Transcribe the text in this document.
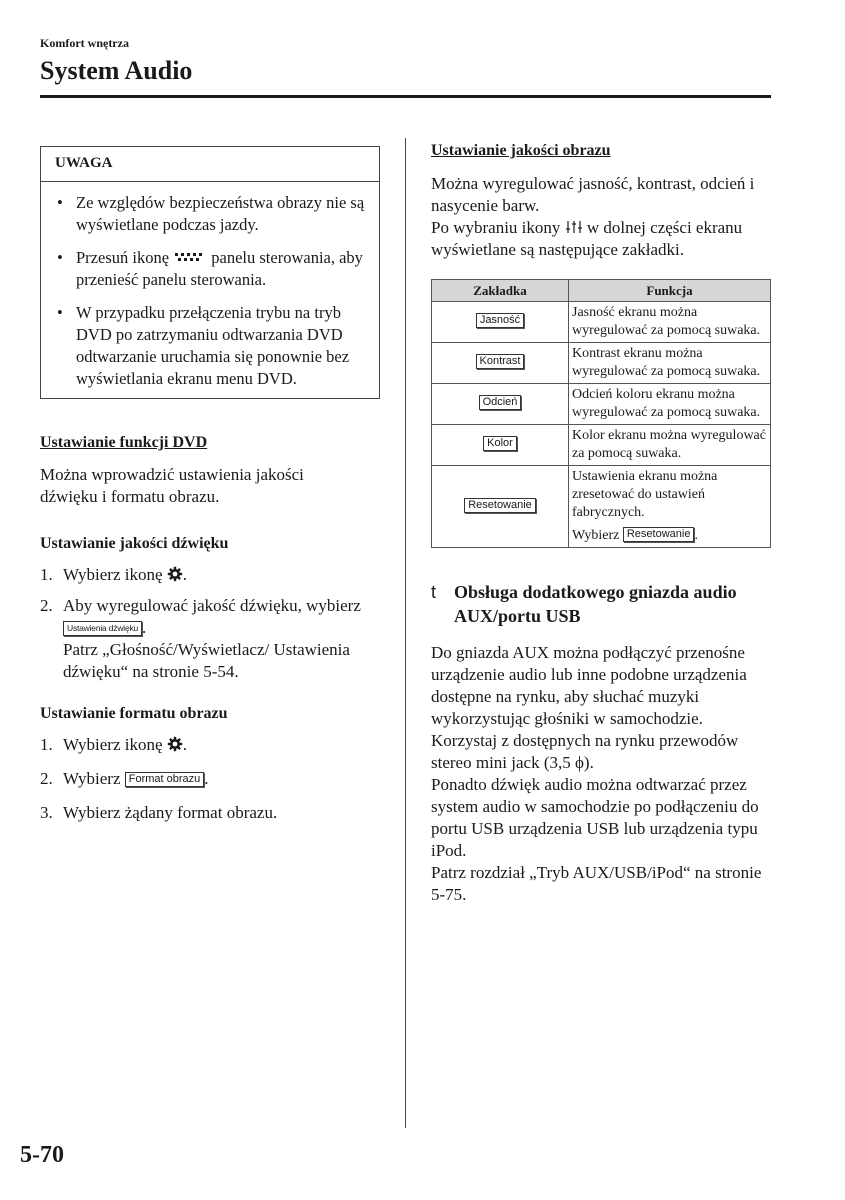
Komfort wnętrza
System Audio
UWAGA
• Ze względów bezpieczeństwa obrazy nie są wyświetlane podczas jazdy.
• Przesuń ikonę	panelu sterowania, aby przenieść panelu sterowania.
• W przypadku przełączenia trybu na tryb DVD po zatrzymaniu odtwarzania DVD odtwarzanie uruchamia się ponownie bez wyświetlania ekranu menu DVD.
Ustawianie funkcji DVD
Można wprowadzić ustawienia jakości dźwięku i formatu obrazu.
Ustawianie jakości dźwięku
1. Wybierz ikonę .
2. Aby wyregulować jakość dźwięku, wybierz Ustawienia dźwięku .
Patrz „Głośność/Wyświetlacz/ Ustawienia dźwięku“ na stronie 5-54.
Ustawianie formatu obrazu
1. Wybierz ikonę .
2. Wybierz Format obrazu .
3. Wybierz żądany format obrazu.
Ustawianie jakości obrazu
Można wyregulować jasność, kontrast, odcień i nasycenie barw.
Po wybraniu ikony w dolnej części ekranu wyświetlane są następujące zakładki.
Zakładka	Funkcja
Jasność	Jasność ekranu można wyregulować za pomocą suwaka.
Kontrast	Kontrast ekranu można wyregulować za pomocą suwaka.
Odcień	Odcień koloru ekranu można wyregulować za pomocą suwaka.
Kolor	Kolor ekranu można wyregulować za pomocą suwaka.
Resetowanie	Ustawienia ekranu można zresetować do ustawień fabrycznych.
Wybierz Resetowanie .
t Obsługa dodatkowego gniazda audio AUX/portu USB
Do gniazda AUX można podłączyć przenośne urządzenie audio lub inne podobne urządzenia dostępne na rynku, aby słuchać muzyki wykorzystując głośniki w samochodzie.
Korzystaj z dostępnych na rynku przewodów stereo mini jack (3,5 ϕ).
Ponadto dźwięk audio można odtwarzać przez system audio w samochodzie po podłączeniu do portu USB urządzenia USB lub urządzenia typu iPod.
Patrz rozdział „Tryb AUX/USB/iPod“ na stronie 5-75.
5-70
